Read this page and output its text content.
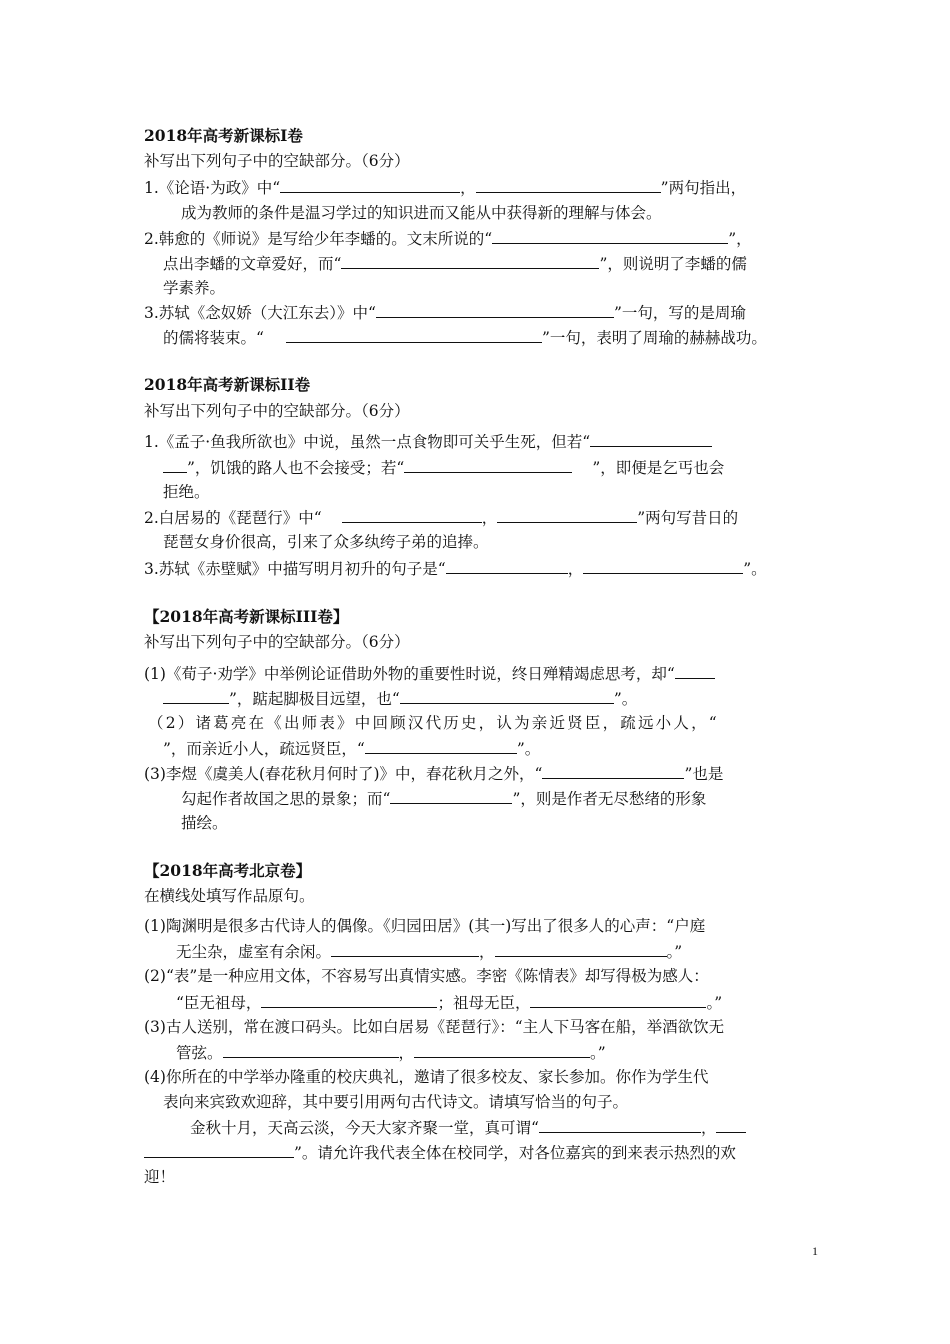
2018年高考新课标Ⅰ卷
补写出下列句子中的空缺部分。（6分）
1.《论语·为政》中“	，	”两句指出，
成为教师的条件是温习学过的知识进而又能从中获得新的理解与体会。
2.韩愈的《师说》是写给少年李蟠的。文末所说的“	”，
点出李蟠的文章爱好，而“	”，则说明了李蟠的儒
学素养。
3.苏轼《念奴娇（大江东去）》中“	”一句，写的是周瑜
的儒将装束。“	”一句，表明了周瑜的赫赫战功。
2018年高考新课标II卷
补写出下列句子中的空缺部分。（6分）
1.《孟子·鱼我所欲也》中说，虽然一点食物即可关乎生死，但若“
”，饥饿的路人也不会接受；若“	”，即便是乞丐也会
拒绝。
2.白居易的《琵琶行》中“	，	”两句写昔日的
琵琶女身价很高，引来了众多纨绔子弟的追捧。
3.苏轼《赤壁赋》中描写明月初升的句子是“	，	”。
【2018年高考新课标III卷】
补写出下列句子中的空缺部分。（6分）
(1)《荀子·劝学》中举例论证借助外物的重要性时说，终日殚精竭虑思考，却“
”，踮起脚极目远望，也“	”。
（2）诸葛亮在《出师表》中回顾汉代历史，认为亲近贤臣，疏远小人，“
”，而亲近小人，疏远贤臣，“	”。
(3)李煜《虞美人(春花秋月何时了)》中，春花秋月之外，“	”也是
勾起作者故国之思的景象；而“	”，则是作者无尽愁绪的形象
描绘。
【2018年高考北京卷】
在横线处填写作品原句。
(1)陶渊明是很多古代诗人的偶像。《归园田居》(其一)写出了很多人的心声：“户庭
无尘杂，虚室有余闲。	，	。”
(2)“表”是一种应用文体，不容易写出真情实感。李密《陈情表》却写得极为感人：
“臣无祖母，	；祖母无臣，	。”
(3)古人送别，常在渡口码头。比如白居易《琵琶行》：“主人下马客在船，举酒欲饮无
管弦。	，	。”
(4)你所在的中学举办隆重的校庆典礼，邀请了很多校友、家长参加。你作为学生代
表向来宾致欢迎辞，其中要引用两句古代诗文。请填写恰当的句子。
金秋十月，天高云淡，今天大家齐聚一堂，真可谓“	，
”。请允许我代表全体在校同学，对各位嘉宾的到来表示热烈的欢
迎！
1
